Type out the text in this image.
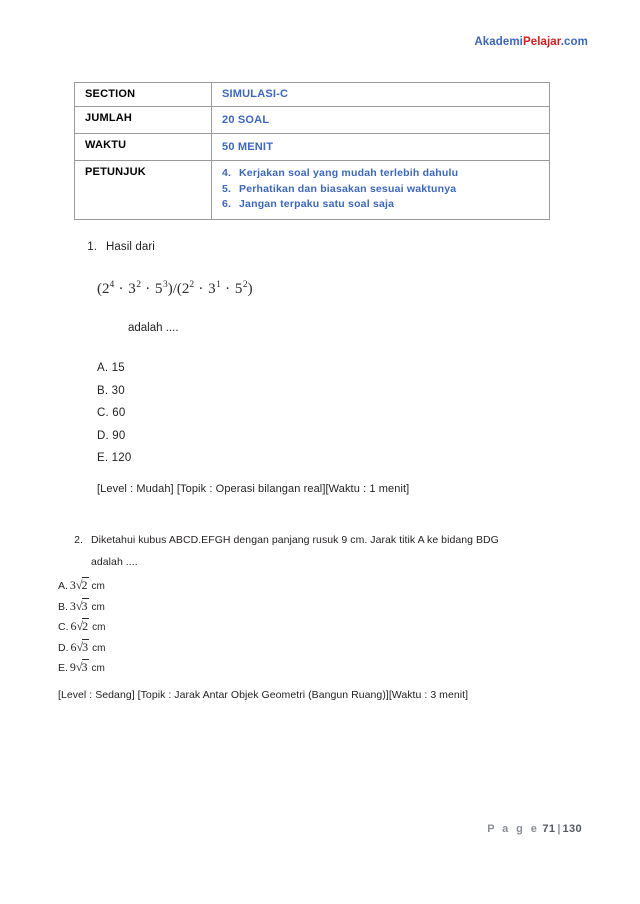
AkademiPelajar.com
SECTION	SIMULASI-C
JUMLAH	20 SOAL
WAKTU	50 MENIT
PETUNJUK	4. Kerjakan soal yang mudah terlebih dahulu
5. Perhatikan dan biasakan sesuai waktunya
6. Jangan terpaku satu soal saja
1. Hasil dari
$(2^4 \cdot 3^2 \cdot 5^3)/(2^2 \cdot 3^1 \cdot 5^2)$
adalah ....
A. 15
B. 30
C. 60
D. 90
E. 120
[Level : Mudah] [Topik : Operasi bilangan real][Waktu : 1 menit]
2. Diketahui kubus ABCD.EFGH dengan panjang rusuk 9 cm. Jarak titik A ke bidang BDG
adalah ....
A. 3√2 cm
B. 3√3 cm
C. 6√2 cm
D. 6√3 cm
E. 9√3 cm
[Level : Sedang] [Topik : Jarak Antar Objek Geometri (Bangun Ruang)][Waktu : 3 menit]
P a g e 71 | 130
